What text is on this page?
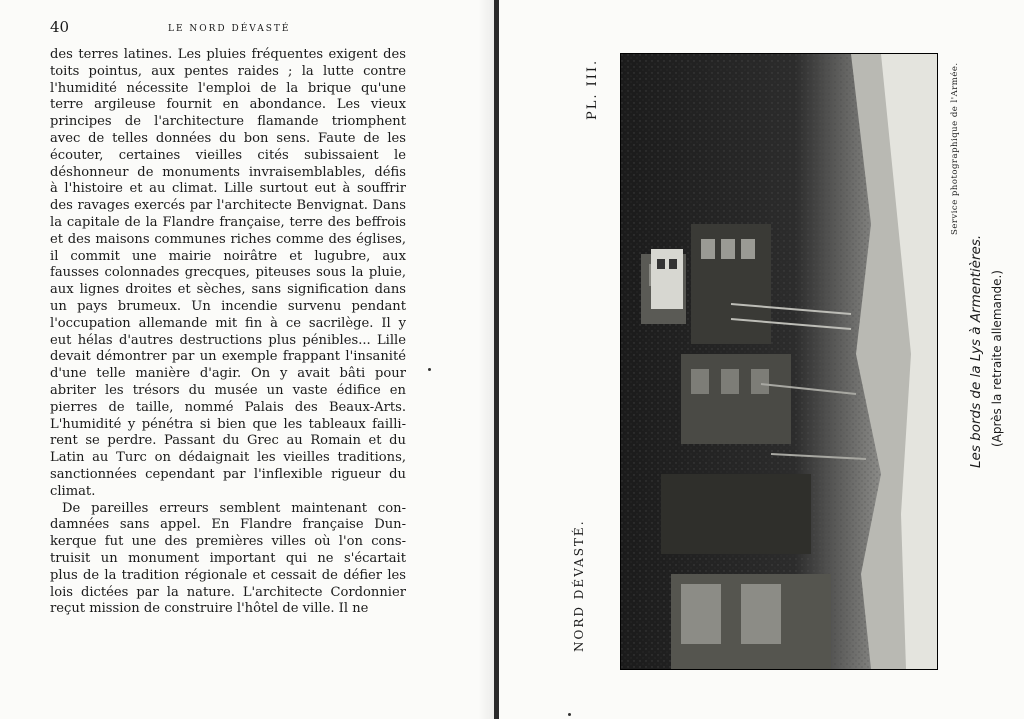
40	LE NORD DÉVASTÉ
des terres latines. Les pluies fréquentes exigent des
toits pointus, aux pentes raides ; la lutte contre
l'humidité nécessite l'emploi de la brique qu'une
terre argileuse fournit en abondance. Les vieux
principes de l'architecture flamande triomphent
avec de telles données du bon sens. Faute de les
écouter, certaines vieilles cités subissaient le
déshonneur de monuments invraisemblables, défis
à l'histoire et au climat. Lille surtout eut à souffrir
des ravages exercés par l'architecte Benvignat. Dans
la capitale de la Flandre française, terre des beffrois
et des maisons communes riches comme des églises,
il commit une mairie noirâtre et lugubre, aux
fausses colonnades grecques, piteuses sous la pluie,
aux lignes droites et sèches, sans signification dans
un pays brumeux. Un incendie survenu pendant
l'occupation allemande mit fin à ce sacrilège. Il y
eut hélas d'autres destructions plus pénibles... Lille
devait démontrer par un exemple frappant l'insanité
d'une telle manière d'agir. On y avait bâti pour
abriter les trésors du musée un vaste édifice en
pierres de taille, nommé Palais des Beaux-Arts.
L'humidité y pénétra si bien que les tableaux failli-
rent se perdre. Passant du Grec au Romain et du
Latin au Turc on dédaignait les vieilles traditions,
sanctionnées cependant par l'inflexible rigueur du
climat.
De pareilles erreurs semblent maintenant con-
damnées sans appel. En Flandre française Dun-
kerque fut une des premières villes où l'on cons-
truisit un monument important qui ne s'écartait
plus de la tradition régionale et cessait de défier les
lois dictées par la nature. L'architecte Cordonnier
reçut mission de construire l'hôtel de ville. Il ne
PL. III.
NORD DÉVASTÉ.
Service photographique de l'Armée.
Les bords de la Lys à Armentières. (Après la retraite allemande.)
